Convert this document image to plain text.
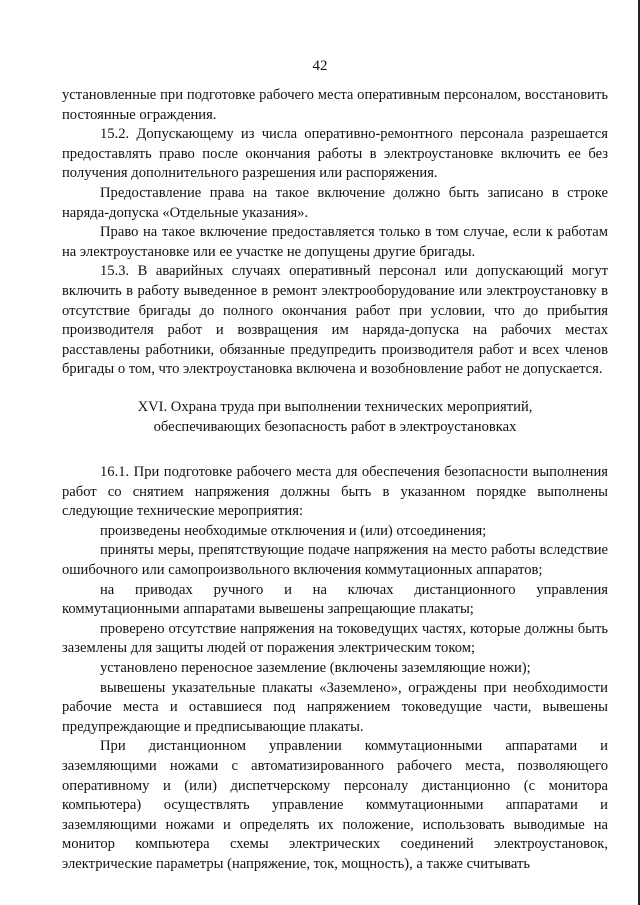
42

установленные при подготовке рабочего места оперативным персоналом, восстановить постоянные ограждения.

15.2. Допускающему из числа оперативно-ремонтного персонала разрешается предоставлять право после окончания работы в электроустановке включить ее без получения дополнительного разрешения или распоряжения.

Предоставление права на такое включение должно быть записано в строке наряда-допуска «Отдельные указания».

Право на такое включение предоставляется только в том случае, если к работам на электроустановке или ее участке не допущены другие бригады.

15.3. В аварийных случаях оперативный персонал или допускающий могут включить в работу выведенное в ремонт электрооборудование или электроустановку в отсутствие бригады до полного окончания работ при условии, что до прибытия производителя работ и возвращения им наряда-допуска на рабочих местах расставлены работники, обязанные предупредить производителя работ и всех членов бригады о том, что электроустановка включена и возобновление работ не допускается.

XVI. Охрана труда при выполнении технических мероприятий,
обеспечивающих безопасность работ в электроустановках

16.1. При подготовке рабочего места для обеспечения безопасности выполнения работ со снятием напряжения должны быть в указанном порядке выполнены следующие технические мероприятия:

произведены необходимые отключения и (или) отсоединения;

приняты меры, препятствующие подаче напряжения на место работы вследствие ошибочного или самопроизвольного включения коммутационных аппаратов;

на приводах ручного и на ключах дистанционного управления коммутационными аппаратами вывешены запрещающие плакаты;

проверено отсутствие напряжения на токоведущих частях, которые должны быть заземлены для защиты людей от поражения электрическим током;

установлено переносное заземление (включены заземляющие ножи);

вывешены указательные плакаты «Заземлено», ограждены при необходимости рабочие места и оставшиеся под напряжением токоведущие части, вывешены предупреждающие и предписывающие плакаты.

При дистанционном управлении коммутационными аппаратами и заземляющими ножами с автоматизированного рабочего места, позволяющего оперативному и (или) диспетчерскому персоналу дистанционно (с монитора компьютера) осуществлять управление коммутационными аппаратами и заземляющими ножами и определять их положение, использовать выводимые на монитор компьютера схемы электрических соединений электроустановок, электрические параметры (напряжение, ток, мощность), а также считывать
